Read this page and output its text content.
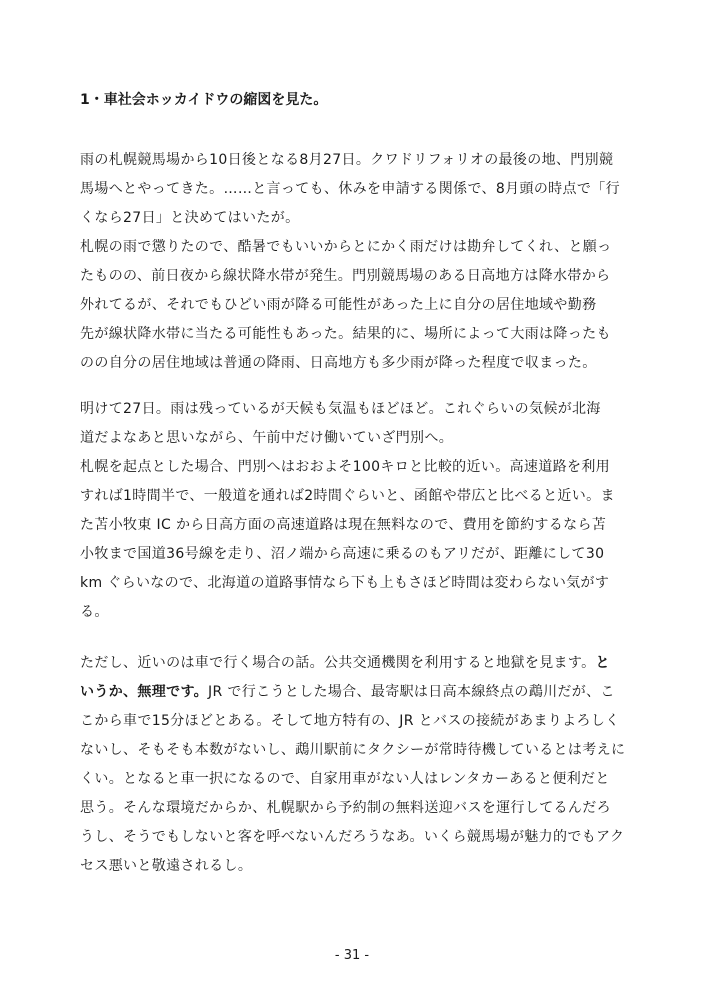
1・車社会ホッカイドウの縮図を見た。
雨の札幌競馬場から10日後となる8月27日。クワドリフォリオの最後の地、門別競
馬場へとやってきた。……と言っても、休みを申請する関係で、8月頭の時点で「行
くなら27日」と決めてはいたが。
札幌の雨で懲りたので、酷暑でもいいからとにかく雨だけは勘弁してくれ、と願っ
たものの、前日夜から線状降水帯が発生。門別競馬場のある日高地方は降水帯から
外れてるが、それでもひどい雨が降る可能性があった上に自分の居住地域や勤務
先が線状降水帯に当たる可能性もあった。結果的に、場所によって大雨は降ったも
のの自分の居住地域は普通の降雨、日高地方も多少雨が降った程度で収まった。
明けて27日。雨は残っているが天候も気温もほどほど。これぐらいの気候が北海
道だよなあと思いながら、午前中だけ働いていざ門別へ。
札幌を起点とした場合、門別へはおおよそ100キロと比較的近い。高速道路を利用
すれば1時間半で、一般道を通れば2時間ぐらいと、函館や帯広と比べると近い。ま
た苫小牧東 IC から日高方面の高速道路は現在無料なので、費用を節約するなら苫
小牧まで国道36号線を走り、沼ノ端から高速に乗るのもアリだが、距離にして30
km ぐらいなので、北海道の道路事情なら下も上もさほど時間は変わらない気がす
る。
ただし、近いのは車で行く場合の話。公共交通機関を利用すると地獄を見ます。と
いうか、無理です。JR で行こうとした場合、最寄駅は日高本線終点の鵡川だが、こ
こから車で15分ほどとある。そして地方特有の、JR とバスの接続があまりよろしく
ないし、そもそも本数がないし、鵡川駅前にタクシーが常時待機しているとは考えに
くい。となると車一択になるので、自家用車がない人はレンタカーあると便利だと
思う。そんな環境だからか、札幌駅から予約制の無料送迎バスを運行してるんだろ
うし、そうでもしないと客を呼べないんだろうなあ。いくら競馬場が魅力的でもアク
セス悪いと敬遠されるし。
- 31 -
